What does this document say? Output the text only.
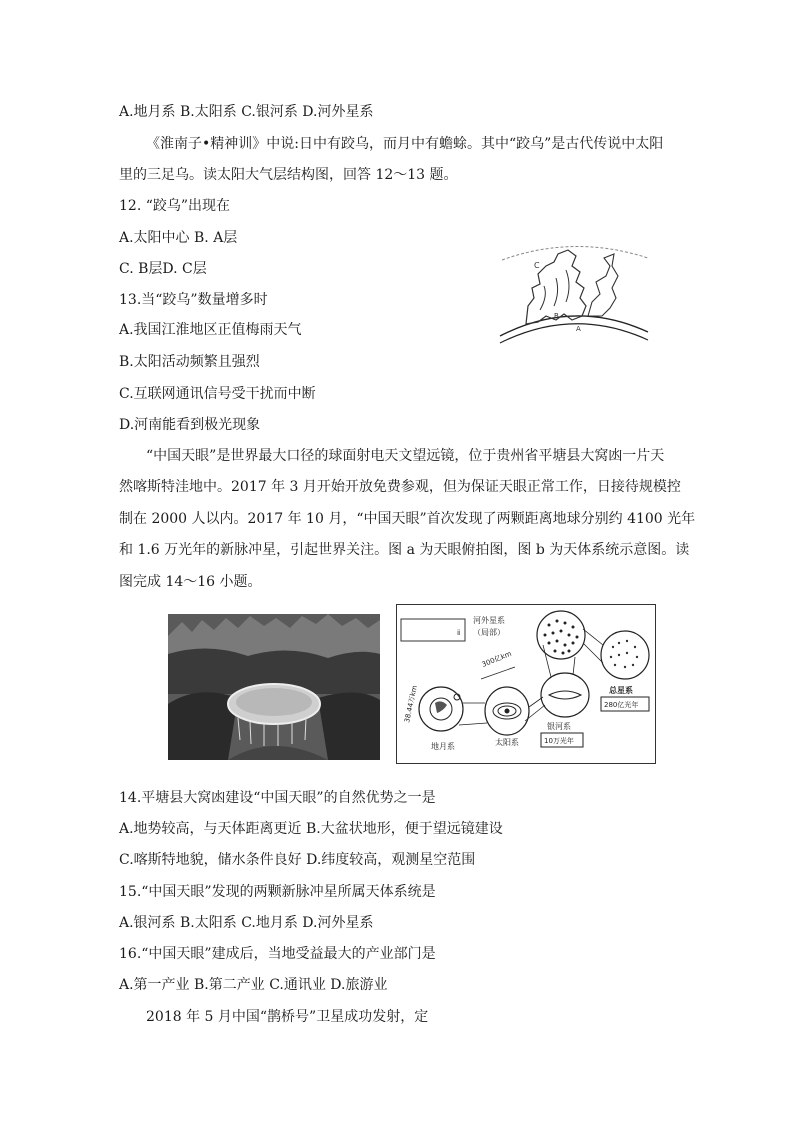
A.地月系 B.太阳系 C.银河系 D.河外星系
《淮南子•精神训》中说:日中有跤乌，而月中有蟾蜍。其中“跤乌”是古代传说中太阳
里的三足乌。读太阳大气层结构图，回答 12～13 题。
12. “跤乌”出现在
A.太阳中心 B. A层
C. B层D. C层
13.当“跤乌”数量增多时
A.我国江淮地区正值梅雨天气
B.太阳活动频繁且强烈
C.互联网通讯信号受干扰而中断
D.河南能看到极光现象
“中国天眼”是世界最大口径的球面射电天文望远镜，位于贵州省平塘县大窝凼一片天
然喀斯特洼地中。2017 年 3 月开始开放免费参观，但为保证天眼正常工作，日接待规模控
制在 2000 人以内。2017 年 10 月，“中国天眼”首次发现了两颗距离地球分别约 4100 光年
和 1.6 万光年的新脉冲星，引起世界关注。图 a 为天眼俯拍图，图 b 为天体系统示意图。读
图完成 14～16 小题。
C
B
A
ⅱ
河外星系
（局部）
总星系
280亿光年
银河系
10万光年
太阳系
300亿km
38.44万km
地月系
14.平塘县大窝凼建设“中国天眼”的自然优势之一是
A.地势较高，与天体距离更近 B.大盆状地形，便于望远镜建设
C.喀斯特地貌，储水条件良好 D.纬度较高，观测星空范围
15.“中国天眼”发现的两颗新脉冲星所属天体系统是
A.银河系 B.太阳系 C.地月系 D.河外星系
16.“中国天眼”建成后，当地受益最大的产业部门是
A.第一产业 B.第二产业 C.通讯业 D.旅游业
2018 年 5 月中国“鹊桥号”卫星成功发射，定
